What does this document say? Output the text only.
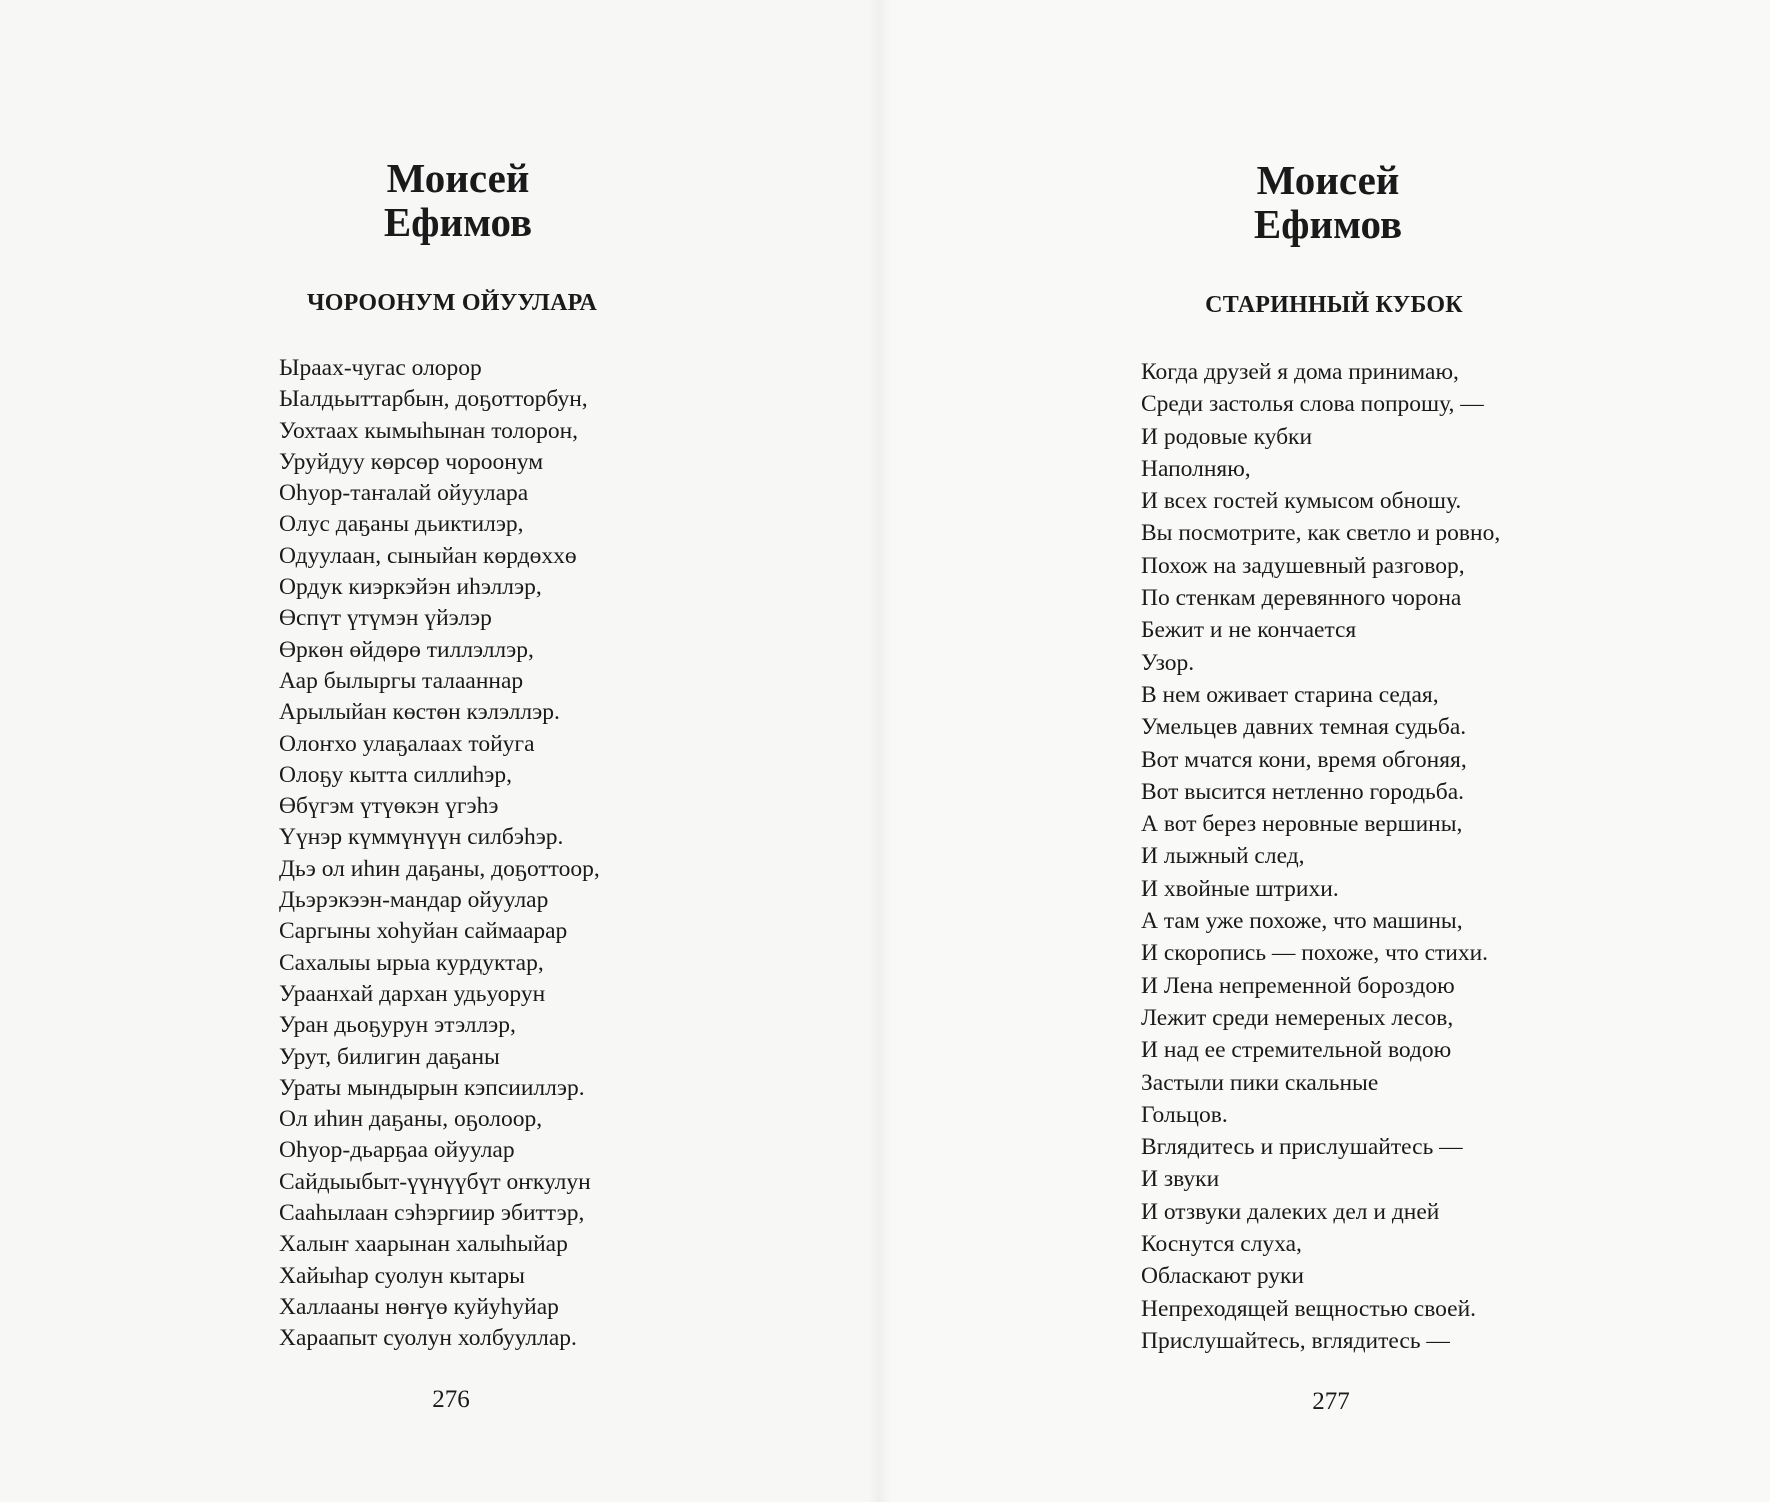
Моисей
Ефимов
ЧОРООНУМ ОЙУУЛАРА
Ыраах-чугас олорор
Ыалдьыттарбын, доҕотторбун,
Уохтаах кымыһынан толорон,
Уруйдуу көрсөр чороонум
Оһуор-таҥалай ойуулара
Олус даҕаны дьиктилэр,
Одуулаан, сыныйан көрдөххө
Ордук киэркэйэн иһэллэр,
Өспүт үтүмэн үйэлэр
Өркөн өйдөрө тиллэллэр,
Аар былыргы талааннар
Арылыйан көстөн кэлэллэр.
Олоҥхо улаҕалаах тойуга
Олоҕу кытта силлиһэр,
Өбүгэм үтүөкэн үгэһэ
Үүнэр күммүнүүн силбэһэр.
Дьэ ол иһин даҕаны, доҕоттоор,
Дьэрэкээн-мандар ойуулар
Саргыны хоһуйан саймаарар
Сахалыы ырыа курдуктар,
Ураанхай дархан удьуорун
Уран дьоҕурун этэллэр,
Урут, билигин даҕаны
Ураты мындырын кэпсииллэр.
Ол иһин даҕаны, оҕолоор,
Оһуор-дьарҕаа ойуулар
Сайдыыбыт-үүнүүбүт оҥкулун
Сааһылаан сэһэргиир эбиттэр,
Халыҥ хаарынан халыһыйар
Хайыһар суолун кытары
Халлааны нөҥүө куйуһуйар
Хараапыт суолун холбууллар.
276
Моисей
Ефимов
СТАРИННЫЙ КУБОК
Когда друзей я дома принимаю,
Среди застолья слова попрошу, —
И родовые кубки
Наполняю,
И всех гостей кумысом обношу.
Вы посмотрите, как светло и ровно,
Похож на задушевный разговор,
По стенкам деревянного чорона
Бежит и не кончается
Узор.
В нем оживает старина седая,
Умельцев давних темная судьба.
Вот мчатся кони, время обгоняя,
Вот высится нетленно городьба.
А вот берез неровные вершины,
И лыжный след,
И хвойные штрихи.
А там уже похоже, что машины,
И скоропись — похоже, что стихи.
И Лена непременной бороздою
Лежит среди немереных лесов,
И над ее стремительной водою
Застыли пики скальные
Гольцов.
Вглядитесь и прислушайтесь —
И звуки
И отзвуки далеких дел и дней
Коснутся слуха,
Обласкают руки
Непреходящей вещностью своей.
Прислушайтесь, вглядитесь —
277
